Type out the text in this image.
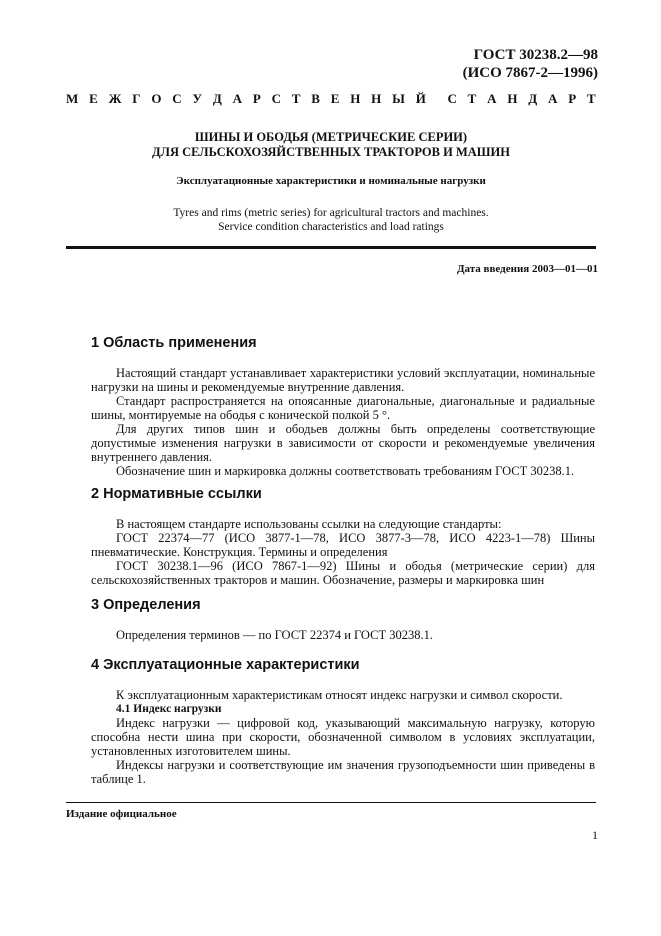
ГОСТ 30238.2—98
(ИСО 7867-2—1996)
М Е Ж Г О С У Д А Р С Т В Е Н Н Ы Й С Т А Н Д А Р Т
ШИНЫ И ОБОДЬЯ (МЕТРИЧЕСКИЕ СЕРИИ)
ДЛЯ СЕЛЬСКОХОЗЯЙСТВЕННЫХ ТРАКТОРОВ И МАШИН
Эксплуатационные характеристики и номинальные нагрузки
Tyres and rims (metric series) for agricultural tractors and machines.
Service condition characteristics and load ratings
Дата введения 2003—01—01
1 Область применения

Настоящий стандарт устанавливает характеристики условий эксплуатации, номинальные нагрузки на шины и рекомендуемые внутренние давления.

Стандарт распространяется на опоясанные диагональные, диагональные и радиальные шины, монтируемые на ободья с конической полкой 5 °.

Для других типов шин и ободьев должны быть определены соответствующие допустимые изменения нагрузки в зависимости от скорости и рекомендуемые увеличения внутреннего давления.

Обозначение шин и маркировка должны соответствовать требованиям ГОСТ 30238.1.

2 Нормативные ссылки

В настоящем стандарте использованы ссылки на следующие стандарты:

ГОСТ 22374—77 (ИСО 3877-1—78, ИСО 3877-3—78, ИСО 4223-1—78) Шины пневматические. Конструкция. Термины и определения

ГОСТ 30238.1—96 (ИСО 7867-1—92) Шины и ободья (метрические серии) для сельскохозяйственных тракторов и машин. Обозначение, размеры и маркировка шин

3 Определения

Определения терминов — по ГОСТ 22374 и ГОСТ 30238.1.

4 Эксплуатационные характеристики

К эксплуатационным характеристикам относят индекс нагрузки и символ скорости.

4.1 Индекс нагрузки

Индекс нагрузки — цифровой код, указывающий максимальную нагрузку, которую способна нести шина при скорости, обозначенной символом в условиях эксплуатации, установленных изготовителем шины.

Индексы нагрузки и соответствующие им значения грузоподъемности шин приведены в таблице 1.

Издание официальное
1
